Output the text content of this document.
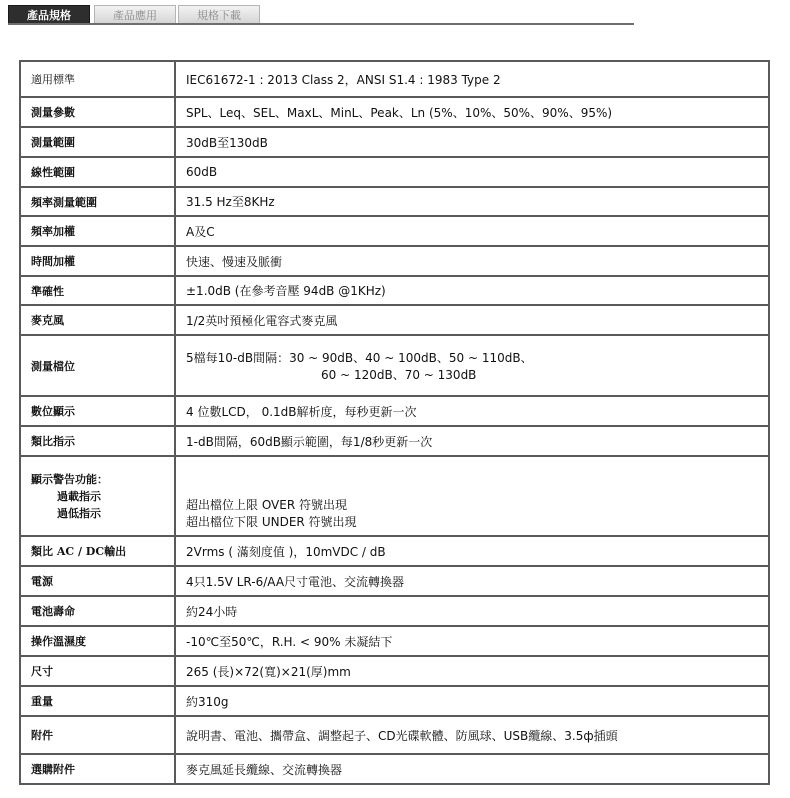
產品規格	產品應用	規格下載
適用標準	IEC61672-1 : 2013 Class 2，ANSI S1.4 : 1983 Type 2
測量參數	SPL、Leq、SEL、MaxL、MinL、Peak、Ln (5%、10%、50%、90%、95%)
測量範圍	30dB至130dB
線性範圍	60dB
頻率測量範圍	31.5 Hz至8KHz
頻率加權	A及C
時間加權	快速、慢速及脈衝
準確性	±1.0dB (在參考音壓 94dB @1KHz)
麥克風	1/2英吋預極化電容式麥克風
測量檔位	5檔每10-dB間隔：30 ~ 90dB、40 ~ 100dB、50 ~ 110dB、
60 ~ 120dB、70 ~ 130dB

數位顯示	4 位數LCD， 0.1dB解析度，每秒更新一次
類比指示	1-dB間隔，60dB顯示範圍，每1/8秒更新一次

顯示警告功能：
過載指示
過低指示	超出檔位上限 OVER 符號出現
超出檔位下限 UNDER 符號出現

類比 AC / DC輸出	2Vrms ( 滿刻度值 )，10mVDC / dB
電源	4只1.5V LR-6/AA尺寸電池、交流轉換器
電池壽命	約24小時
操作溫濕度	-10℃至50℃，R.H. < 90% 未凝結下
尺寸	265 (長)×72(寬)×21(厚)mm
重量	約310g
附件	說明書、電池、攜帶盒、調整起子、CD光碟軟體、防風球、USB纜線、3.5ф插頭
選購附件	麥克風延長纜線、交流轉換器
